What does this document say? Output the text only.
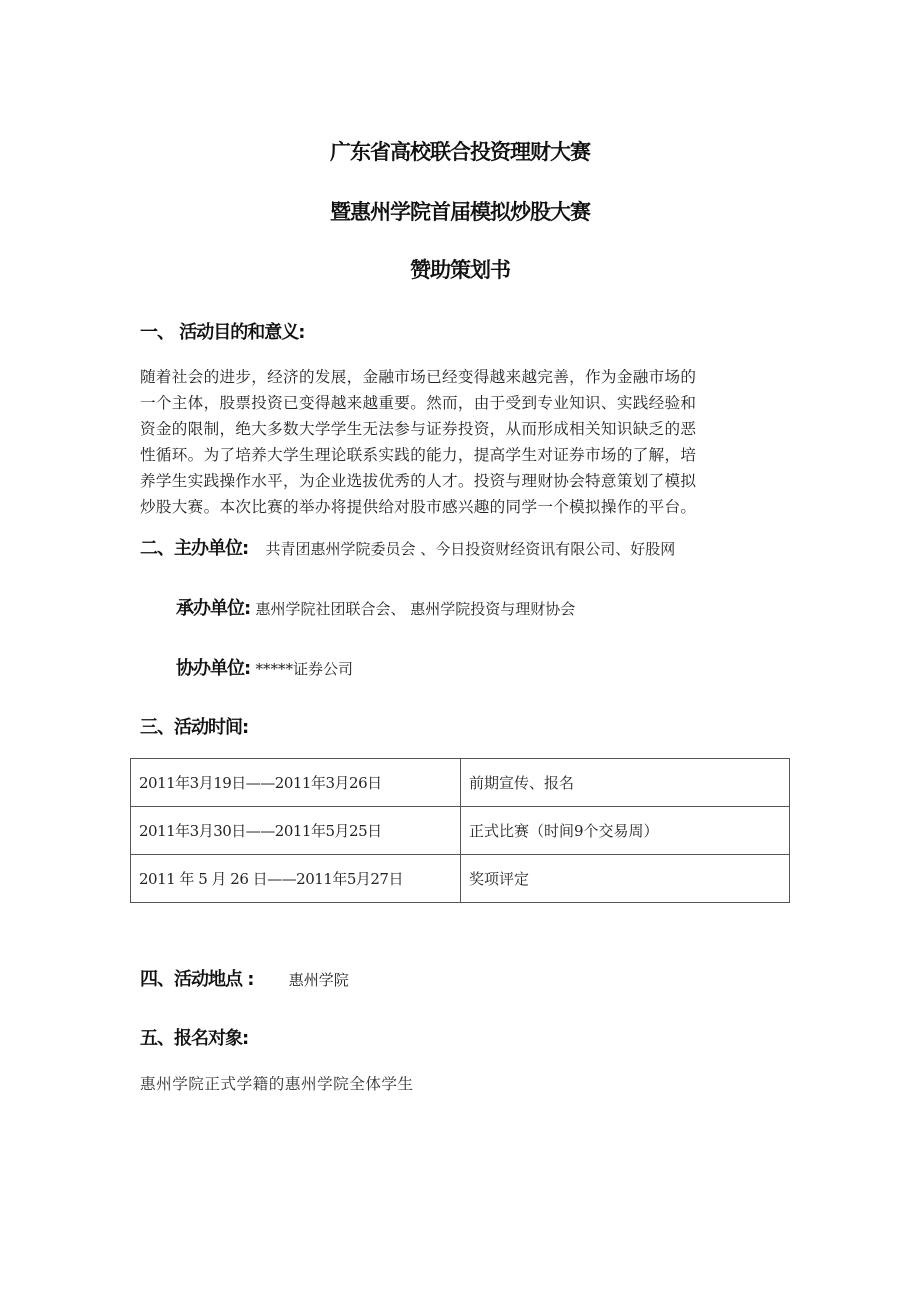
广东省高校联合投资理财大赛
暨惠州学院首届模拟炒股大赛
赞助策划书
一、 活动目的和意义:
随着社会的进步，经济的发展，金融市场已经变得越来越完善，作为金融市场的
一个主体，股票投资已变得越来越重要。然而，由于受到专业知识、实践经验和
资金的限制，绝大多数大学学生无法参与证券投资，从而形成相关知识缺乏的恶
性循环。为了培养大学生理论联系实践的能力，提高学生对证券市场的了解，培
养学生实践操作水平，为企业选拔优秀的人才。投资与理财协会特意策划了模拟
炒股大赛。本次比赛的举办将提供给对股市感兴趣的同学一个模拟操作的平台。
二、主办单位: 共青团惠州学院委员会 、今日投资财经资讯有限公司、好股网
承办单位: 惠州学院社团联合会、 惠州学院投资与理财协会
协办单位: *****证券公司
三、活动时间:
2011年3月19日——2011年3月26日	前期宣传、报名
2011年3月30日——2011年5月25日	正式比赛（时间9个交易周）
2011 年 5 月 26 日——2011年5月27日	奖项评定
四、活动地点 : 惠州学院
五、报名对象:
惠州学院正式学籍的惠州学院全体学生
